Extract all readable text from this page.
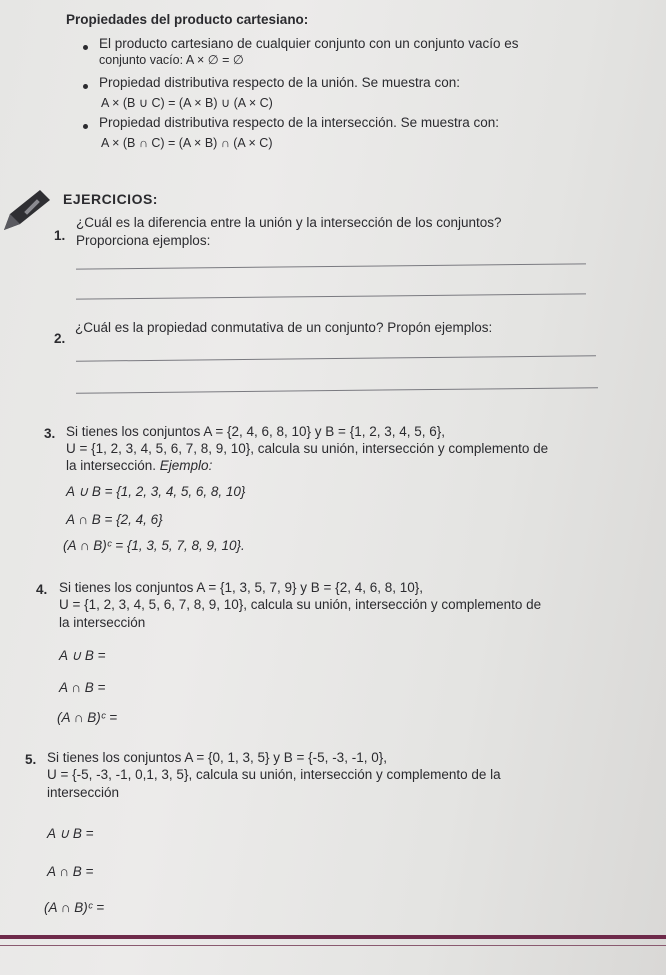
Propiedades del producto cartesiano:
El producto cartesiano de cualquier conjunto con un conjunto vacío es
conjunto vacío: A × ∅ = ∅
Propiedad distributiva respecto de la unión. Se muestra con:
A × (B ∪ C) = (A × B) ∪ (A × C)
Propiedad distributiva respecto de la intersección. Se muestra con:
A × (B ∩ C) = (A × B) ∩ (A × C)
EJERCICIOS:
1.
¿Cuál es la diferencia entre la unión y la intersección de los conjuntos?
Proporciona ejemplos:
2.
¿Cuál es la propiedad conmutativa de un conjunto? Propón ejemplos:
3. Si tienes los conjuntos A = {2, 4, 6, 8, 10} y B = {1, 2, 3, 4, 5, 6},
U = {1, 2, 3, 4, 5, 6, 7, 8, 9, 10}, calcula su unión, intersección y complemento de
la intersección. Ejemplo:
A ∪ B = {1, 2, 3, 4, 5, 6, 8, 10}
A ∩ B = {2, 4, 6}
(A ∩ B)ᶜ = {1, 3, 5, 7, 8, 9, 10}.
4. Si tienes los conjuntos A = {1, 3, 5, 7, 9} y B = {2, 4, 6, 8, 10},
U = {1, 2, 3, 4, 5, 6, 7, 8, 9, 10}, calcula su unión, intersección y complemento de
la intersección
A ∪ B =
A ∩ B =
(A ∩ B)ᶜ =
5. Si tienes los conjuntos A = {0, 1, 3, 5} y B = {-5, -3, -1, 0},
U = {-5, -3, -1, 0,1, 3, 5}, calcula su unión, intersección y complemento de la
intersección
A ∪ B =
A ∩ B =
(A ∩ B)ᶜ =
